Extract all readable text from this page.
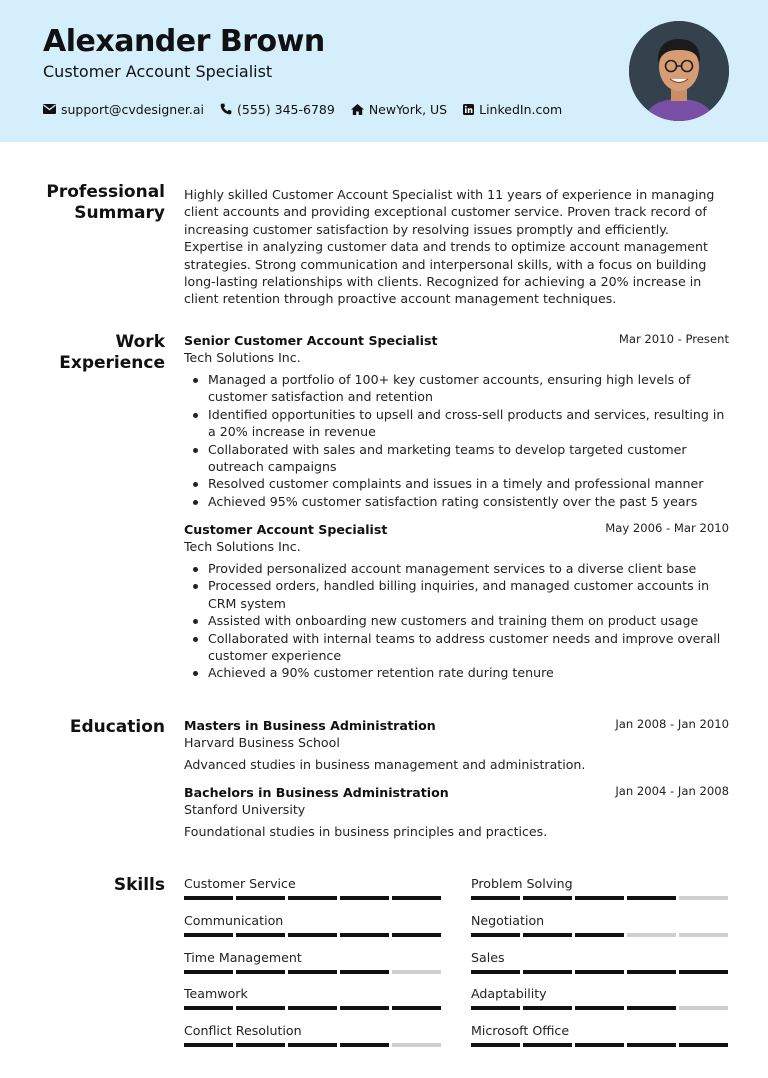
Alexander Brown
Customer Account Specialist
support@cvdesigner.ai	(555) 345-6789	NewYork, US	LinkedIn.com
Professional
Summary
Highly skilled Customer Account Specialist with 11 years of experience in managing client accounts and providing exceptional customer service. Proven track record of increasing customer satisfaction by resolving issues promptly and efficiently. Expertise in analyzing customer data and trends to optimize account management strategies. Strong communication and interpersonal skills, with a focus on building long-lasting relationships with clients. Recognized for achieving a 20% increase in client retention through proactive account management techniques.
Work
Experience
Senior Customer Account Specialist	Mar 2010 - Present
Tech Solutions Inc.
Managed a portfolio of 100+ key customer accounts, ensuring high levels of customer satisfaction and retention
Identified opportunities to upsell and cross-sell products and services, resulting in a 20% increase in revenue
Collaborated with sales and marketing teams to develop targeted customer outreach campaigns
Resolved customer complaints and issues in a timely and professional manner
Achieved 95% customer satisfaction rating consistently over the past 5 years
Customer Account Specialist	May 2006 - Mar 2010
Tech Solutions Inc.
Provided personalized account management services to a diverse client base
Processed orders, handled billing inquiries, and managed customer accounts in CRM system
Assisted with onboarding new customers and training them on product usage
Collaborated with internal teams to address customer needs and improve overall customer experience
Achieved a 90% customer retention rate during tenure
Education Masters in Business Administration	Jan 2008 - Jan 2010
Harvard Business School
Advanced studies in business management and administration.
Bachelors in Business Administration	Jan 2004 - Jan 2008
Stanford University
Foundational studies in business principles and practices.
Skills Customer Service	Problem Solving
Communication	Negotiation
Time Management	Sales
Teamwork	Adaptability
Conflict Resolution	Microsoft Office
